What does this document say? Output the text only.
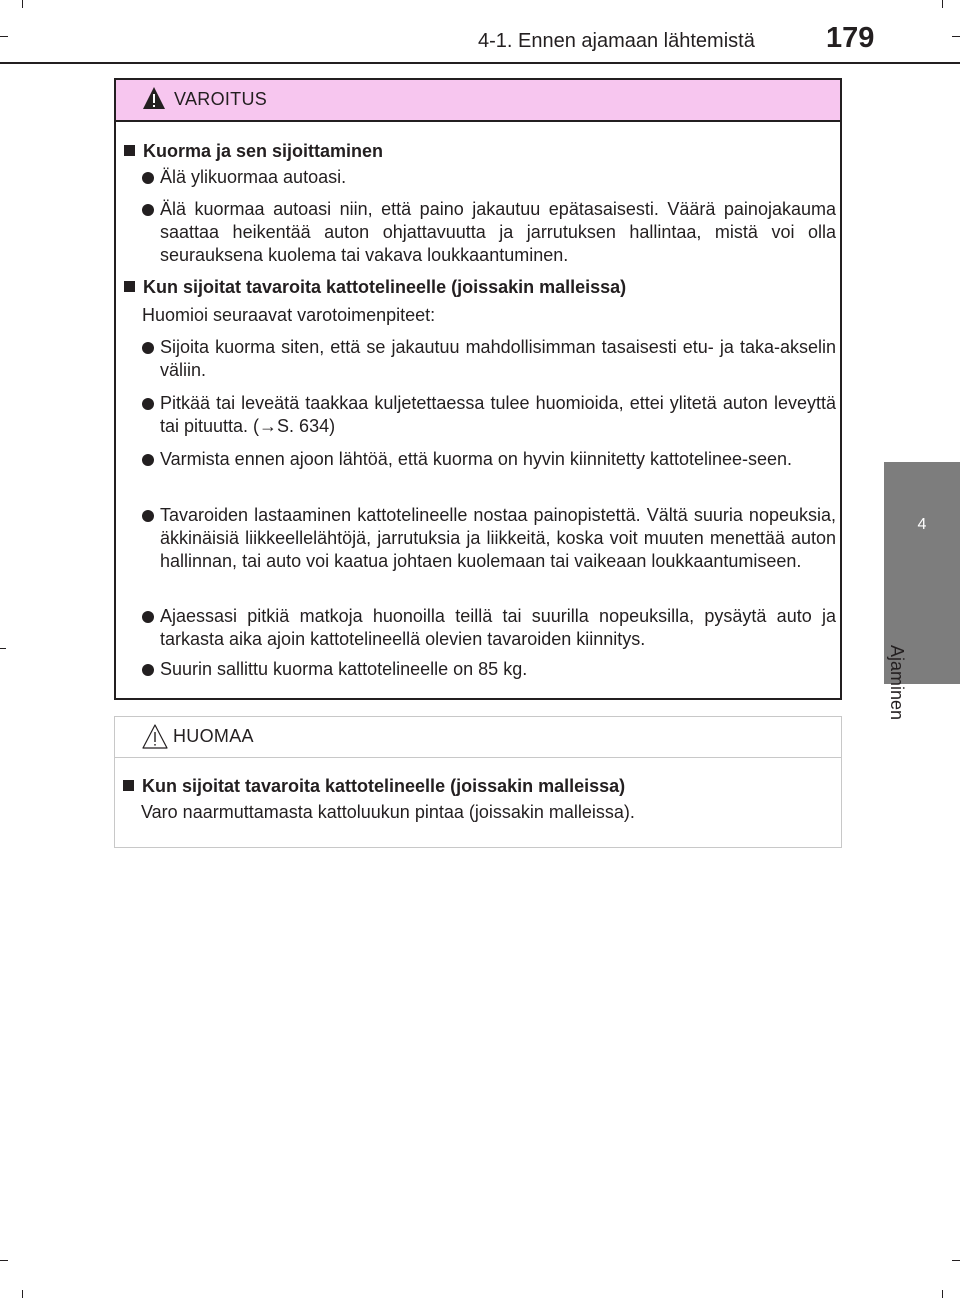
4-1. Ennen ajamaan lähtemistä 179
4
Ajaminen
VAROITUS
Kuorma ja sen sijoittaminen
Älä ylikuormaa autoasi.
Älä kuormaa autoasi niin, että paino jakautuu epätasaisesti. Väärä painojakauma saattaa heikentää auton ohjattavuutta ja jarrutuksen hallintaa, mistä voi olla seurauksena kuolema tai vakava loukkaantuminen.
Kun sijoitat tavaroita kattotelineelle (joissakin malleissa)
Huomioi seuraavat varotoimenpiteet:
Sijoita kuorma siten, että se jakautuu mahdollisimman tasaisesti etu- ja taka-akselin väliin.
Pitkää tai leveätä taakkaa kuljetettaessa tulee huomioida, ettei ylitetä auton leveyttä tai pituutta. (→S. 634)
Varmista ennen ajoon lähtöä, että kuorma on hyvin kiinnitetty kattotelinee-seen.
Tavaroiden lastaaminen kattotelineelle nostaa painopistettä. Vältä suuria nopeuksia, äkkinäisiä liikkeellelähtöjä, jarrutuksia ja liikkeitä, koska voit muuten menettää auton hallinnan, tai auto voi kaatua johtaen kuolemaan tai vaikeaan loukkaantumiseen.
Ajaessasi pitkiä matkoja huonoilla teillä tai suurilla nopeuksilla, pysäytä auto ja tarkasta aika ajoin kattotelineellä olevien tavaroiden kiinnitys.
Suurin sallittu kuorma kattotelineelle on 85 kg.
HUOMAA
Kun sijoitat tavaroita kattotelineelle (joissakin malleissa)
Varo naarmuttamasta kattoluukun pintaa (joissakin malleissa).
